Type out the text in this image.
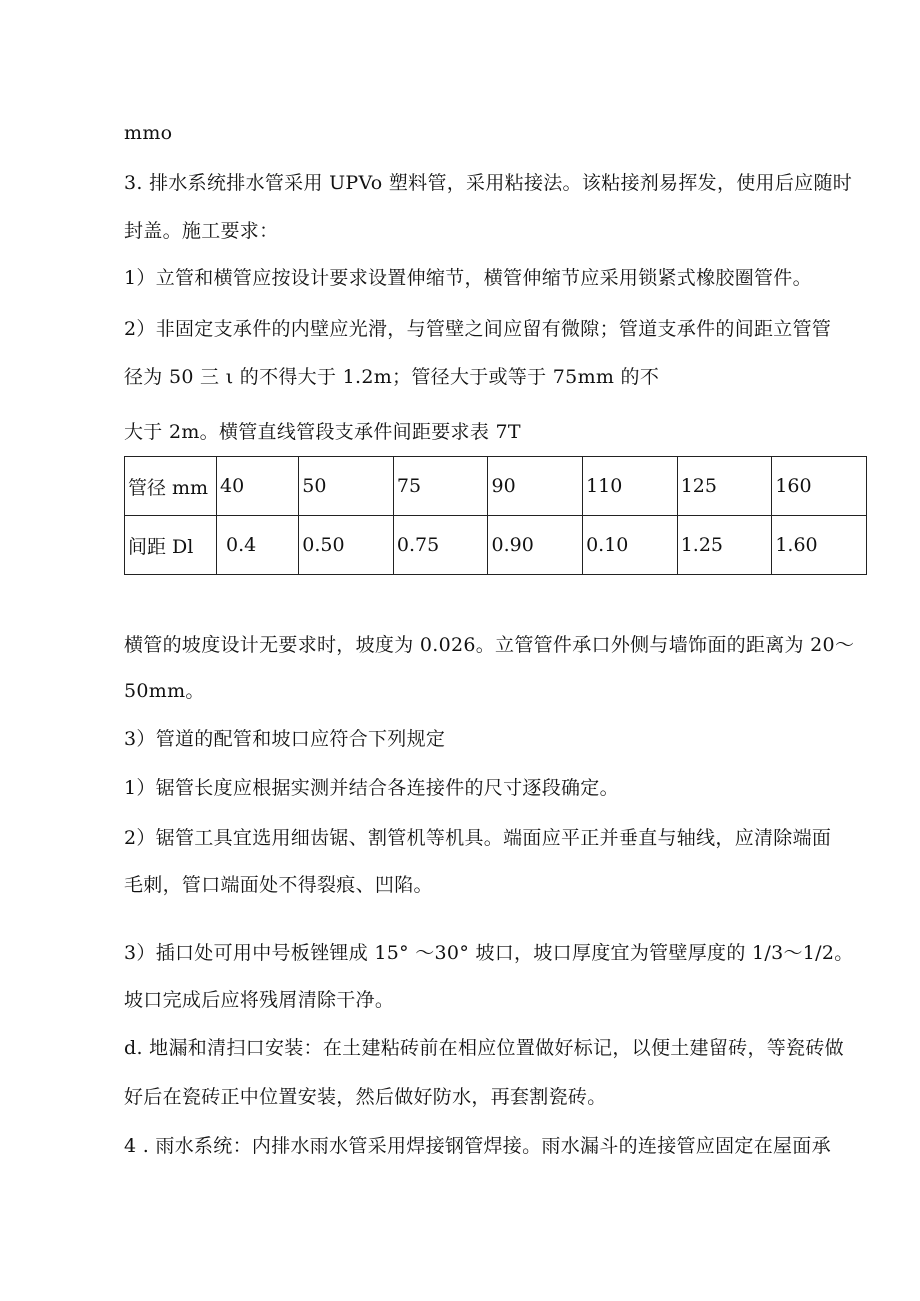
mmo
3. 排水系统排水管采用 UPVo 塑料管，采用粘接法。该粘接剂易挥发，使用后应随时
封盖。施工要求：
1）立管和横管应按设计要求设置伸缩节，横管伸缩节应采用锁紧式橡胶圈管件。
2）非固定支承件的内壁应光滑，与管壁之间应留有微隙；管道支承件的间距立管管
径为 50 三 ι 的不得大于 1.2m；管径大于或等于 75mm 的不
大于 2m。横管直线管段支承件间距要求表 7T
管径 mm	40	50	75	90	110	125	160
间距 Dl	0.4	0.50	0.75	0.90	0.10	1.25	1.60
横管的坡度设计无要求时，坡度为 0.026。立管管件承口外侧与墙饰面的距离为 20～
50mm。
3）管道的配管和坡口应符合下列规定
1）锯管长度应根据实测并结合各连接件的尺寸逐段确定。
2）锯管工具宜选用细齿锯、割管机等机具。端面应平正并垂直与轴线，应清除端面
毛刺，管口端面处不得裂痕、凹陷。
3）插口处可用中号板锉锂成 15° ～30° 坡口，坡口厚度宜为管壁厚度的 1/3～1/2。
坡口完成后应将残屑清除干净。
d. 地漏和清扫口安装：在土建粘砖前在相应位置做好标记，以便土建留砖，等瓷砖做
好后在瓷砖正中位置安装，然后做好防水，再套割瓷砖。
4 . 雨水系统：内排水雨水管采用焊接钢管焊接。雨水漏斗的连接管应固定在屋面承
